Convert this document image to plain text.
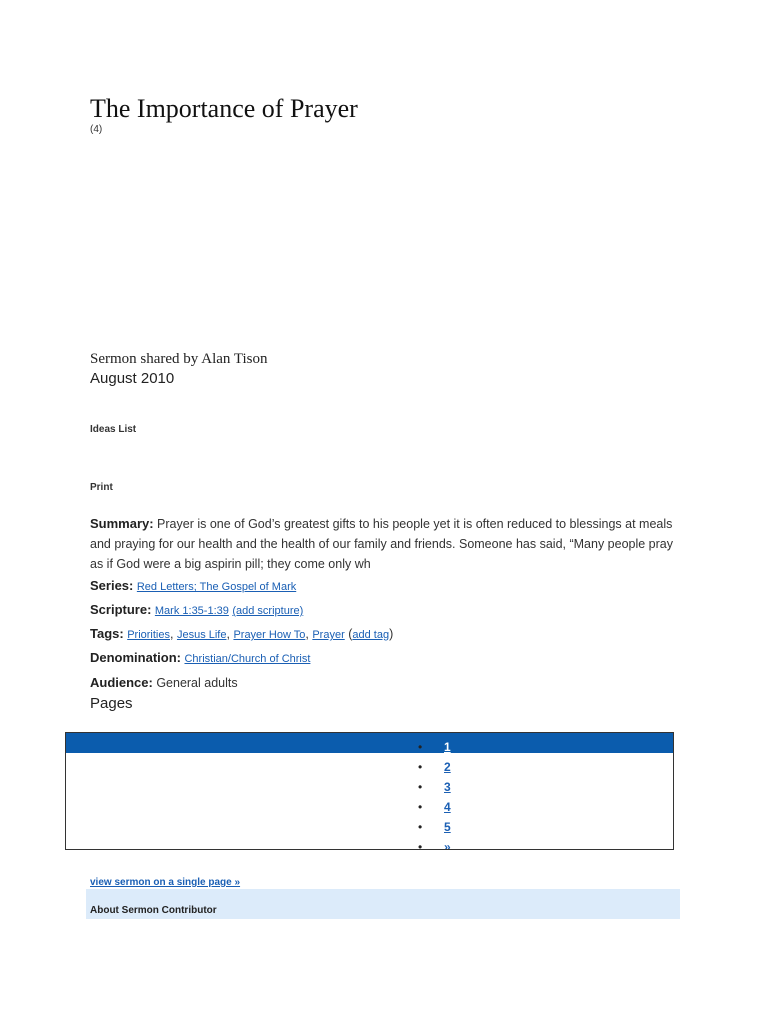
The Importance of Prayer
(4)
Sermon shared by Alan Tison
August 2010
Ideas List
Print
Summary: Prayer is one of God’s greatest gifts to his people yet it is often reduced to blessings at meals and praying for our health and the health of our family and friends. Someone has said, “Many people pray as if God were a big aspirin pill; they come only wh
Series: Red Letters; The Gospel of Mark
Scripture: Mark 1:35-1:39 (add scripture)
Tags: Priorities, Jesus Life, Prayer How To, Prayer (add tag)
Denomination: Christian/Church of Christ
Audience: General adults
Pages
• 1
• 2
• 3
• 4
• 5
• »
view sermon on a single page »
About Sermon Contributor
